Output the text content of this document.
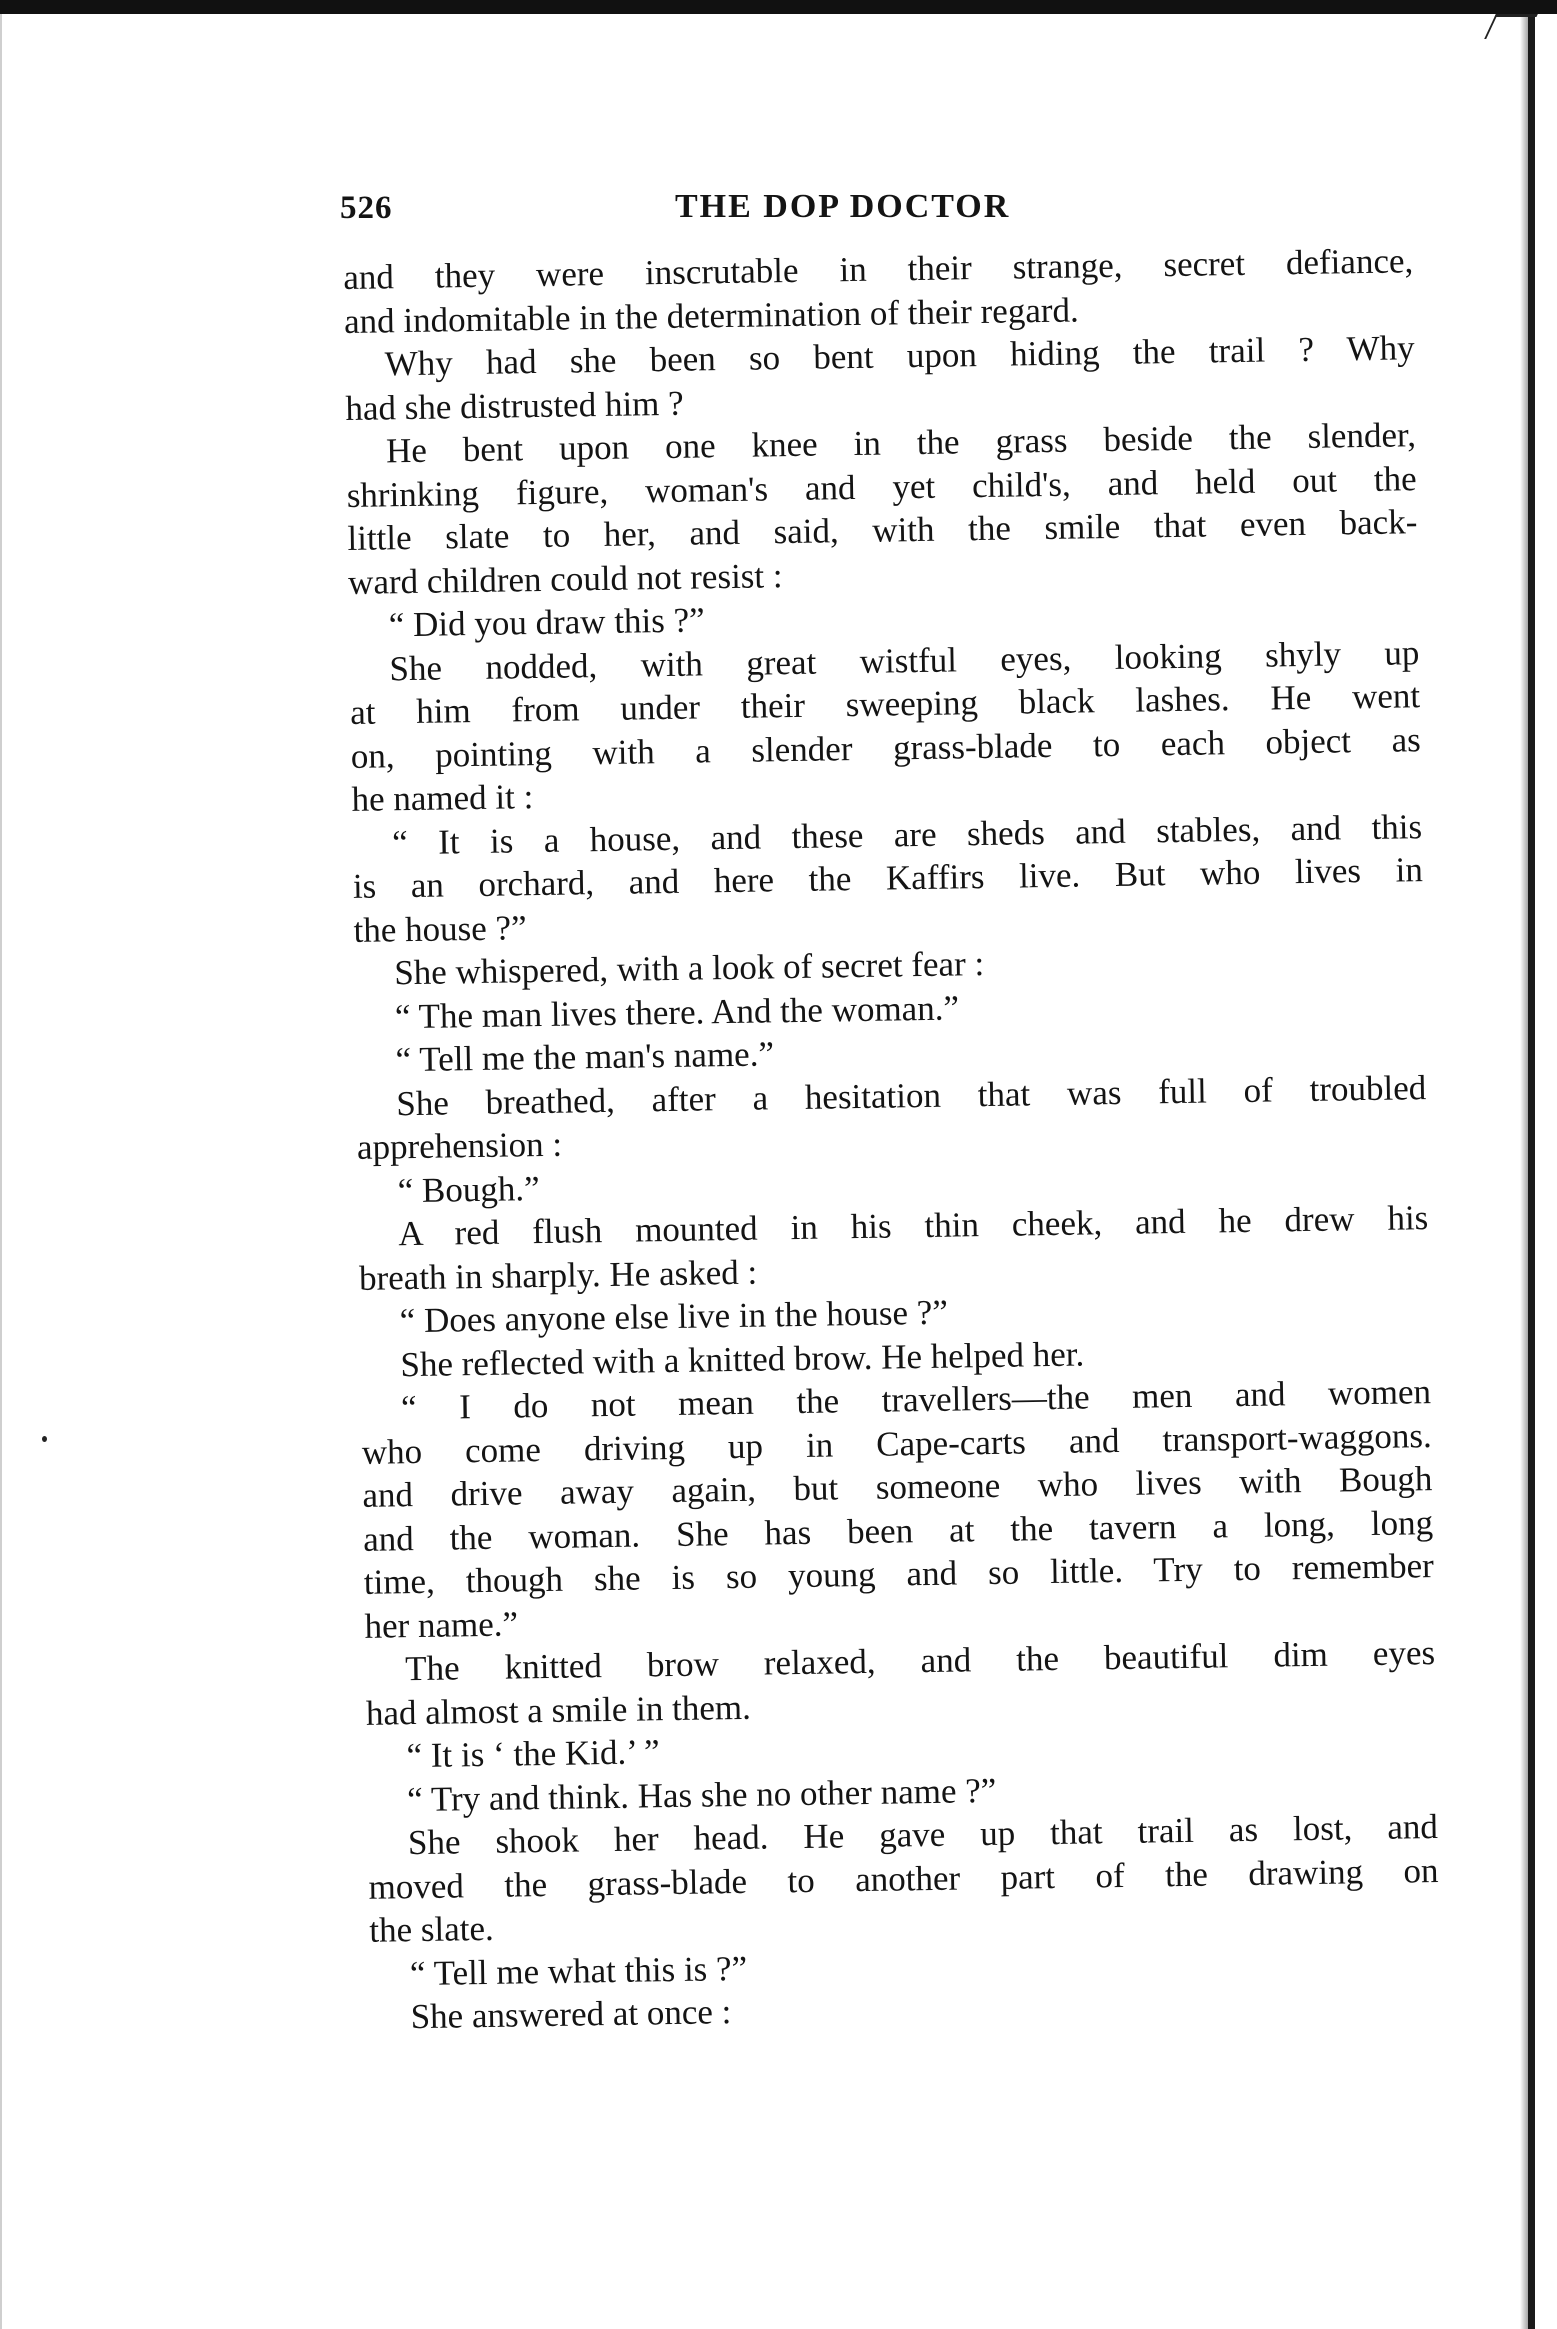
526	THE DOP DOCTOR
and they were inscrutable in their strange, secret defiance,
and indomitable in the determination of their regard.
Why had she been so bent upon hiding the trail ? Why
had she distrusted him ?
He bent upon one knee in the grass beside the slender,
shrinking figure, woman's and yet child's, and held out the
little slate to her, and said, with the smile that even back-
ward children could not resist :
“ Did you draw this ?”
She nodded, with great wistful eyes, looking shyly up
at him from under their sweeping black lashes. He went
on, pointing with a slender grass-blade to each object as
he named it :
“ It is a house, and these are sheds and stables, and this
is an orchard, and here the Kaffirs live. But who lives in
the house ?”
She whispered, with a look of secret fear :
“ The man lives there. And the woman.”
“ Tell me the man's name.”
She breathed, after a hesitation that was full of troubled
apprehension :
“ Bough.”
A red flush mounted in his thin cheek, and he drew his
breath in sharply. He asked :
“ Does anyone else live in the house ?”
She reflected with a knitted brow. He helped her.
“ I do not mean the travellers—the men and women
who come driving up in Cape-carts and transport-waggons.
and drive away again, but someone who lives with Bough
and the woman. She has been at the tavern a long, long
time, though she is so young and so little. Try to remember
her name.”
The knitted brow relaxed, and the beautiful dim eyes
had almost a smile in them.
“ It is ‘ the Kid.’ ”
“ Try and think. Has she no other name ?”
She shook her head. He gave up that trail as lost, and
moved the grass-blade to another part of the drawing on
the slate.
“ Tell me what this is ?”
She answered at once :
